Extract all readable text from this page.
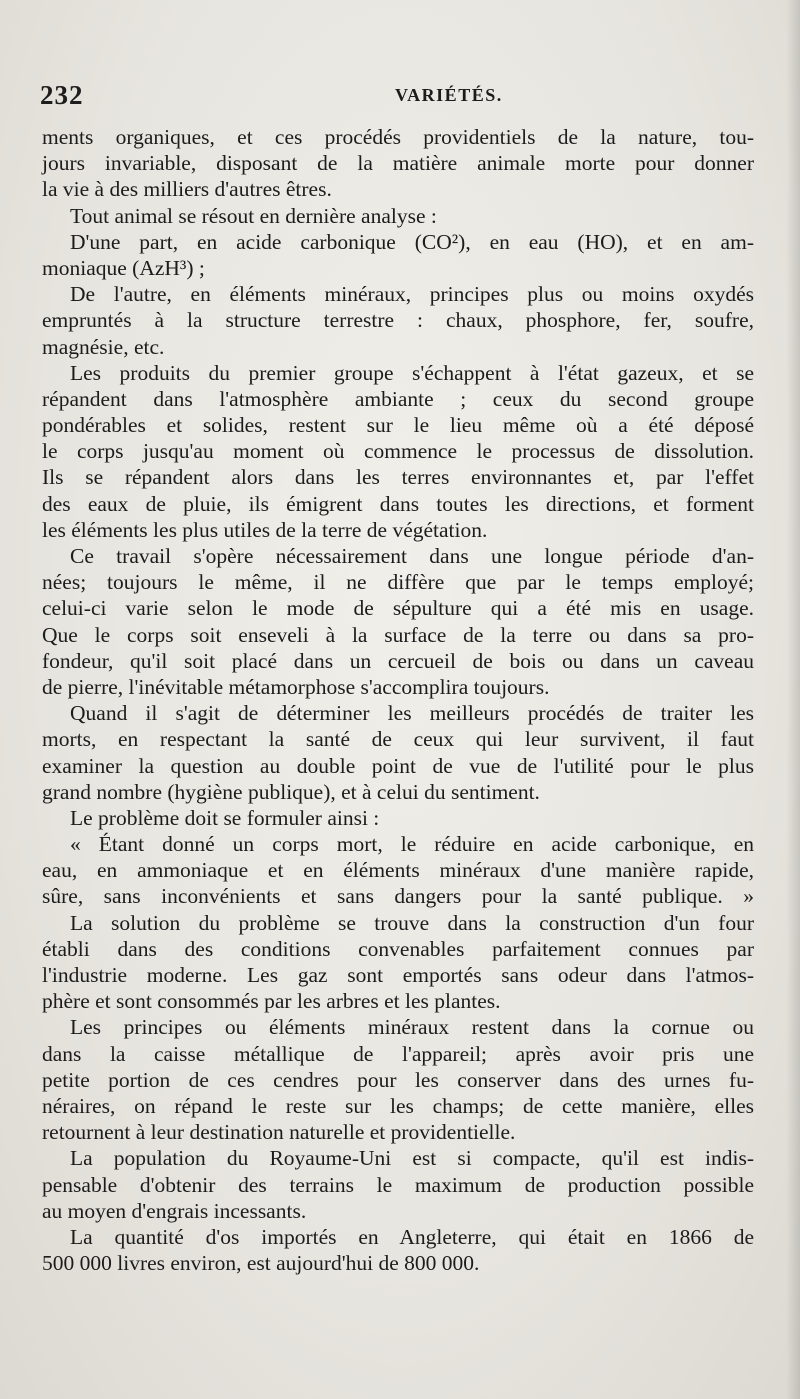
232	VARIÉTÉS.
ments organiques, et ces procédés providentiels de la nature, tou-
jours invariable, disposant de la matière animale morte pour donner
la vie à des milliers d'autres êtres.
Tout animal se résout en dernière analyse :
D'une part, en acide carbonique (CO²), en eau (HO), et en am-
moniaque (AzH³) ;
De l'autre, en éléments minéraux, principes plus ou moins oxydés
empruntés à la structure terrestre : chaux, phosphore, fer, soufre,
magnésie, etc.
Les produits du premier groupe s'échappent à l'état gazeux, et se
répandent dans l'atmosphère ambiante ; ceux du second groupe
pondérables et solides, restent sur le lieu même où a été déposé
le corps jusqu'au moment où commence le processus de dissolution.
Ils se répandent alors dans les terres environnantes et, par l'effet
des eaux de pluie, ils émigrent dans toutes les directions, et forment
les éléments les plus utiles de la terre de végétation.
Ce travail s'opère nécessairement dans une longue période d'an-
nées; toujours le même, il ne diffère que par le temps employé;
celui-ci varie selon le mode de sépulture qui a été mis en usage.
Que le corps soit enseveli à la surface de la terre ou dans sa pro-
fondeur, qu'il soit placé dans un cercueil de bois ou dans un caveau
de pierre, l'inévitable métamorphose s'accomplira toujours.
Quand il s'agit de déterminer les meilleurs procédés de traiter les
morts, en respectant la santé de ceux qui leur survivent, il faut
examiner la question au double point de vue de l'utilité pour le plus
grand nombre (hygiène publique), et à celui du sentiment.
Le problème doit se formuler ainsi :
« Étant donné un corps mort, le réduire en acide carbonique, en
eau, en ammoniaque et en éléments minéraux d'une manière rapide,
sûre, sans inconvénients et sans dangers pour la santé publique. »
La solution du problème se trouve dans la construction d'un four
établi dans des conditions convenables parfaitement connues par
l'industrie moderne. Les gaz sont emportés sans odeur dans l'atmos-
phère et sont consommés par les arbres et les plantes.
Les principes ou éléments minéraux restent dans la cornue ou
dans la caisse métallique de l'appareil; après avoir pris une
petite portion de ces cendres pour les conserver dans des urnes fu-
néraires, on répand le reste sur les champs; de cette manière, elles
retournent à leur destination naturelle et providentielle.
La population du Royaume-Uni est si compacte, qu'il est indis-
pensable d'obtenir des terrains le maximum de production possible
au moyen d'engrais incessants.
La quantité d'os importés en Angleterre, qui était en 1866 de
500 000 livres environ, est aujourd'hui de 800 000.
